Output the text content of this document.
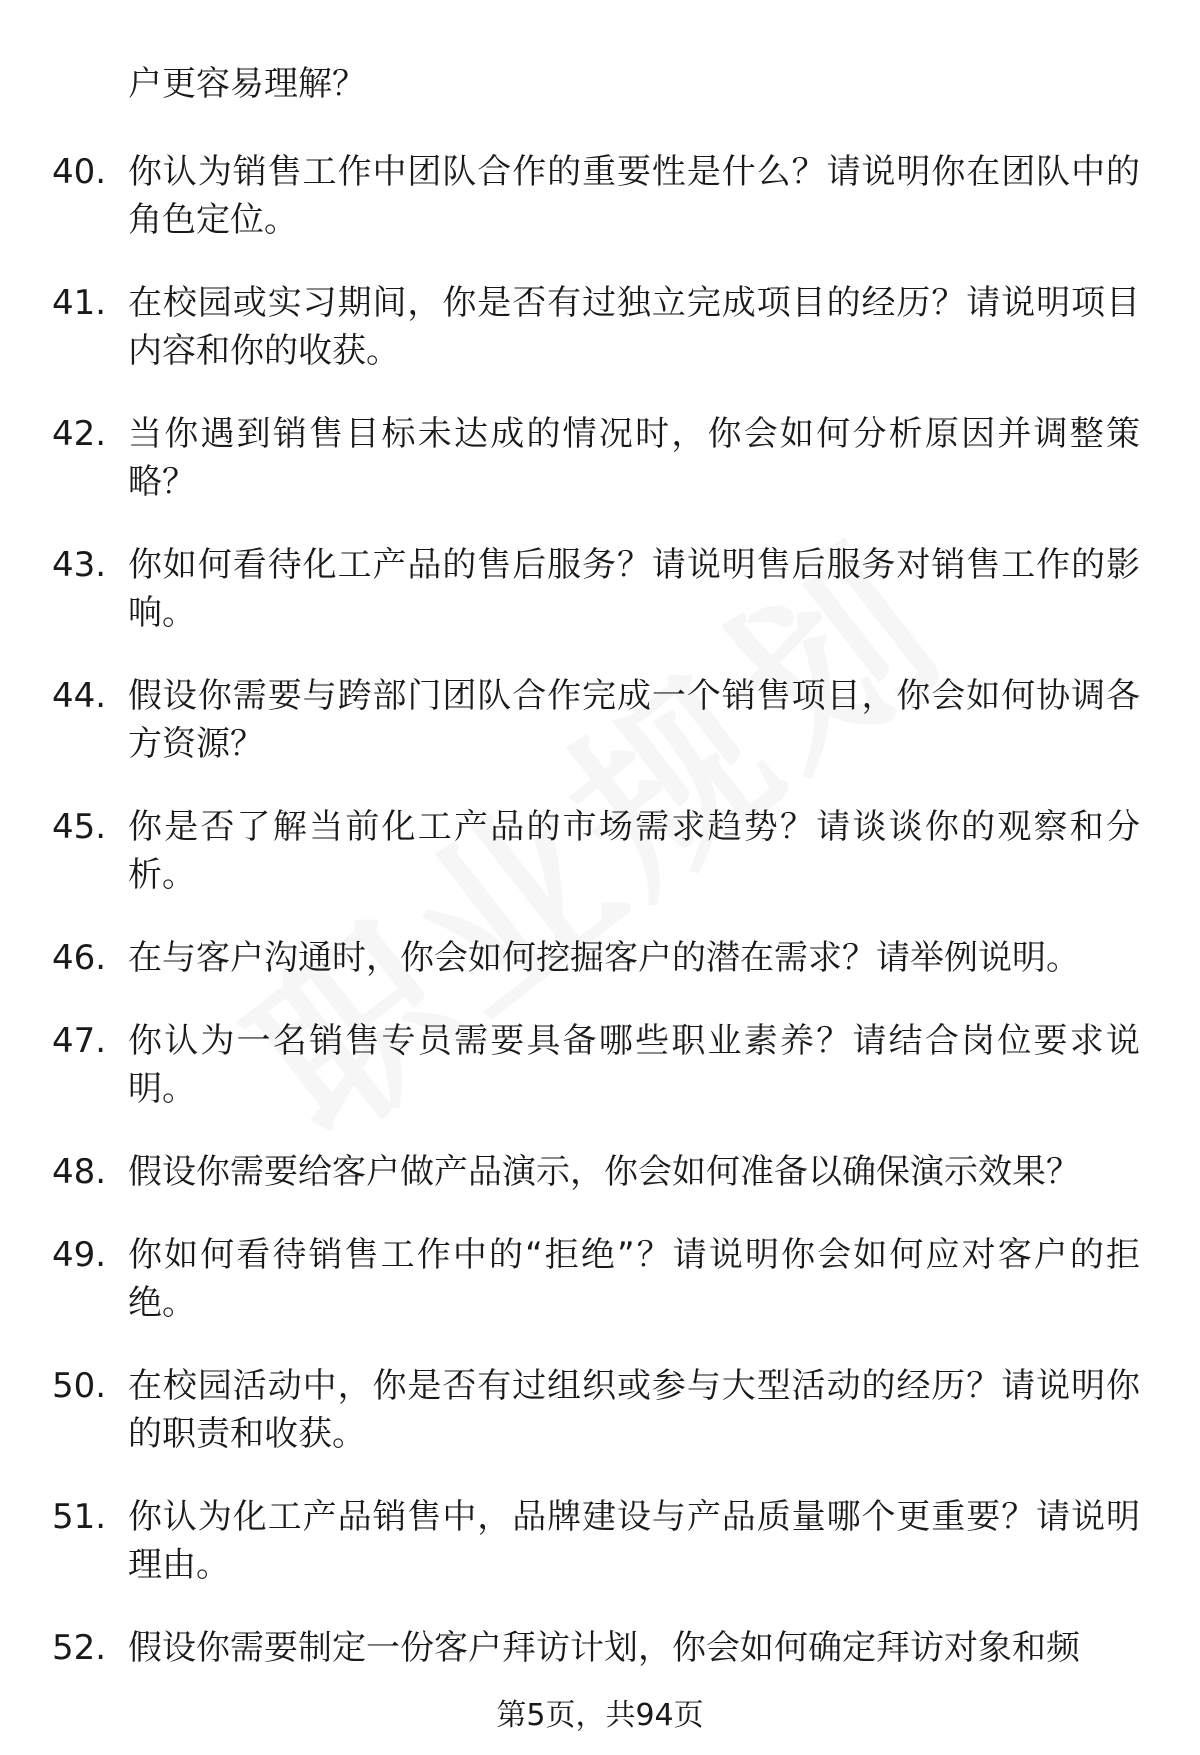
户更容易理解？
40. 你认为销售工作中团队合作的重要性是什么？请说明你在团队中的角色定位。
41. 在校园或实习期间，你是否有过独立完成项目的经历？请说明项目内容和你的收获。
42. 当你遇到销售目标未达成的情况时，你会如何分析原因并调整策略？
43. 你如何看待化工产品的售后服务？请说明售后服务对销售工作的影响。
44. 假设你需要与跨部门团队合作完成一个销售项目，你会如何协调各方资源？
45. 你是否了解当前化工产品的市场需求趋势？请谈谈你的观察和分析。
46. 在与客户沟通时，你会如何挖掘客户的潜在需求？请举例说明。
47. 你认为一名销售专员需要具备哪些职业素养？请结合岗位要求说明。
48. 假设你需要给客户做产品演示，你会如何准备以确保演示效果？
49. 你如何看待销售工作中的“拒绝”？请说明你会如何应对客户的拒绝。
50. 在校园活动中，你是否有过组织或参与大型活动的经历？请说明你的职责和收获。
51. 你认为化工产品销售中，品牌建设与产品质量哪个更重要？请说明理由。
52. 假设你需要制定一份客户拜访计划，你会如何确定拜访对象和频
第5页，共94页
